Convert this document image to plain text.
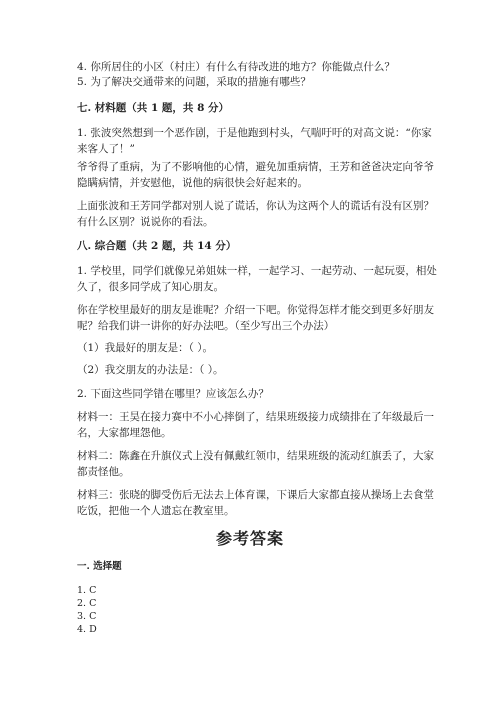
4. 你所居住的小区（村庄）有什么有待改进的地方？你能做点什么？
5. 为了解决交通带来的问题，采取的措施有哪些？
七. 材料题（共 1 题，共 8 分）
1. 张波突然想到一个恶作剧，于是他跑到村头，气喘吁吁的对高文说：“你家
来客人了！”
爷爷得了重病，为了不影响他的心情，避免加重病情，王芳和爸爸决定向爷爷
隐瞒病情，并安慰他，说他的病很快会好起来的。
上面张波和王芳同学都对别人说了谎话，你认为这两个人的谎话有没有区别？
有什么区别？说说你的看法。
八. 综合题（共 2 题，共 14 分）
1. 学校里，同学们就像兄弟姐妹一样，一起学习、一起劳动、一起玩耍，相处
久了，很多同学成了知心朋友。
你在学校里最好的朋友是谁呢？介绍一下吧。你觉得怎样才能交到更多好朋友
呢？给我们讲一讲你的好办法吧。（至少写出三个办法）
（1）我最好的朋友是：（ ）。
（2）我交朋友的办法是：（ ）。
2. 下面这些同学错在哪里？应该怎么办？
材料一：王昊在接力赛中不小心摔倒了，结果班级接力成绩排在了年级最后一
名，大家都埋怨他。
材料二：陈鑫在升旗仪式上没有佩戴红领巾，结果班级的流动红旗丢了，大家
都责怪他。
材料三：张晓的脚受伤后无法去上体育课，下课后大家都直接从操场上去食堂
吃饭，把他一个人遗忘在教室里。
参考答案
一. 选择题
1. C
2. C
3. C
4. D
